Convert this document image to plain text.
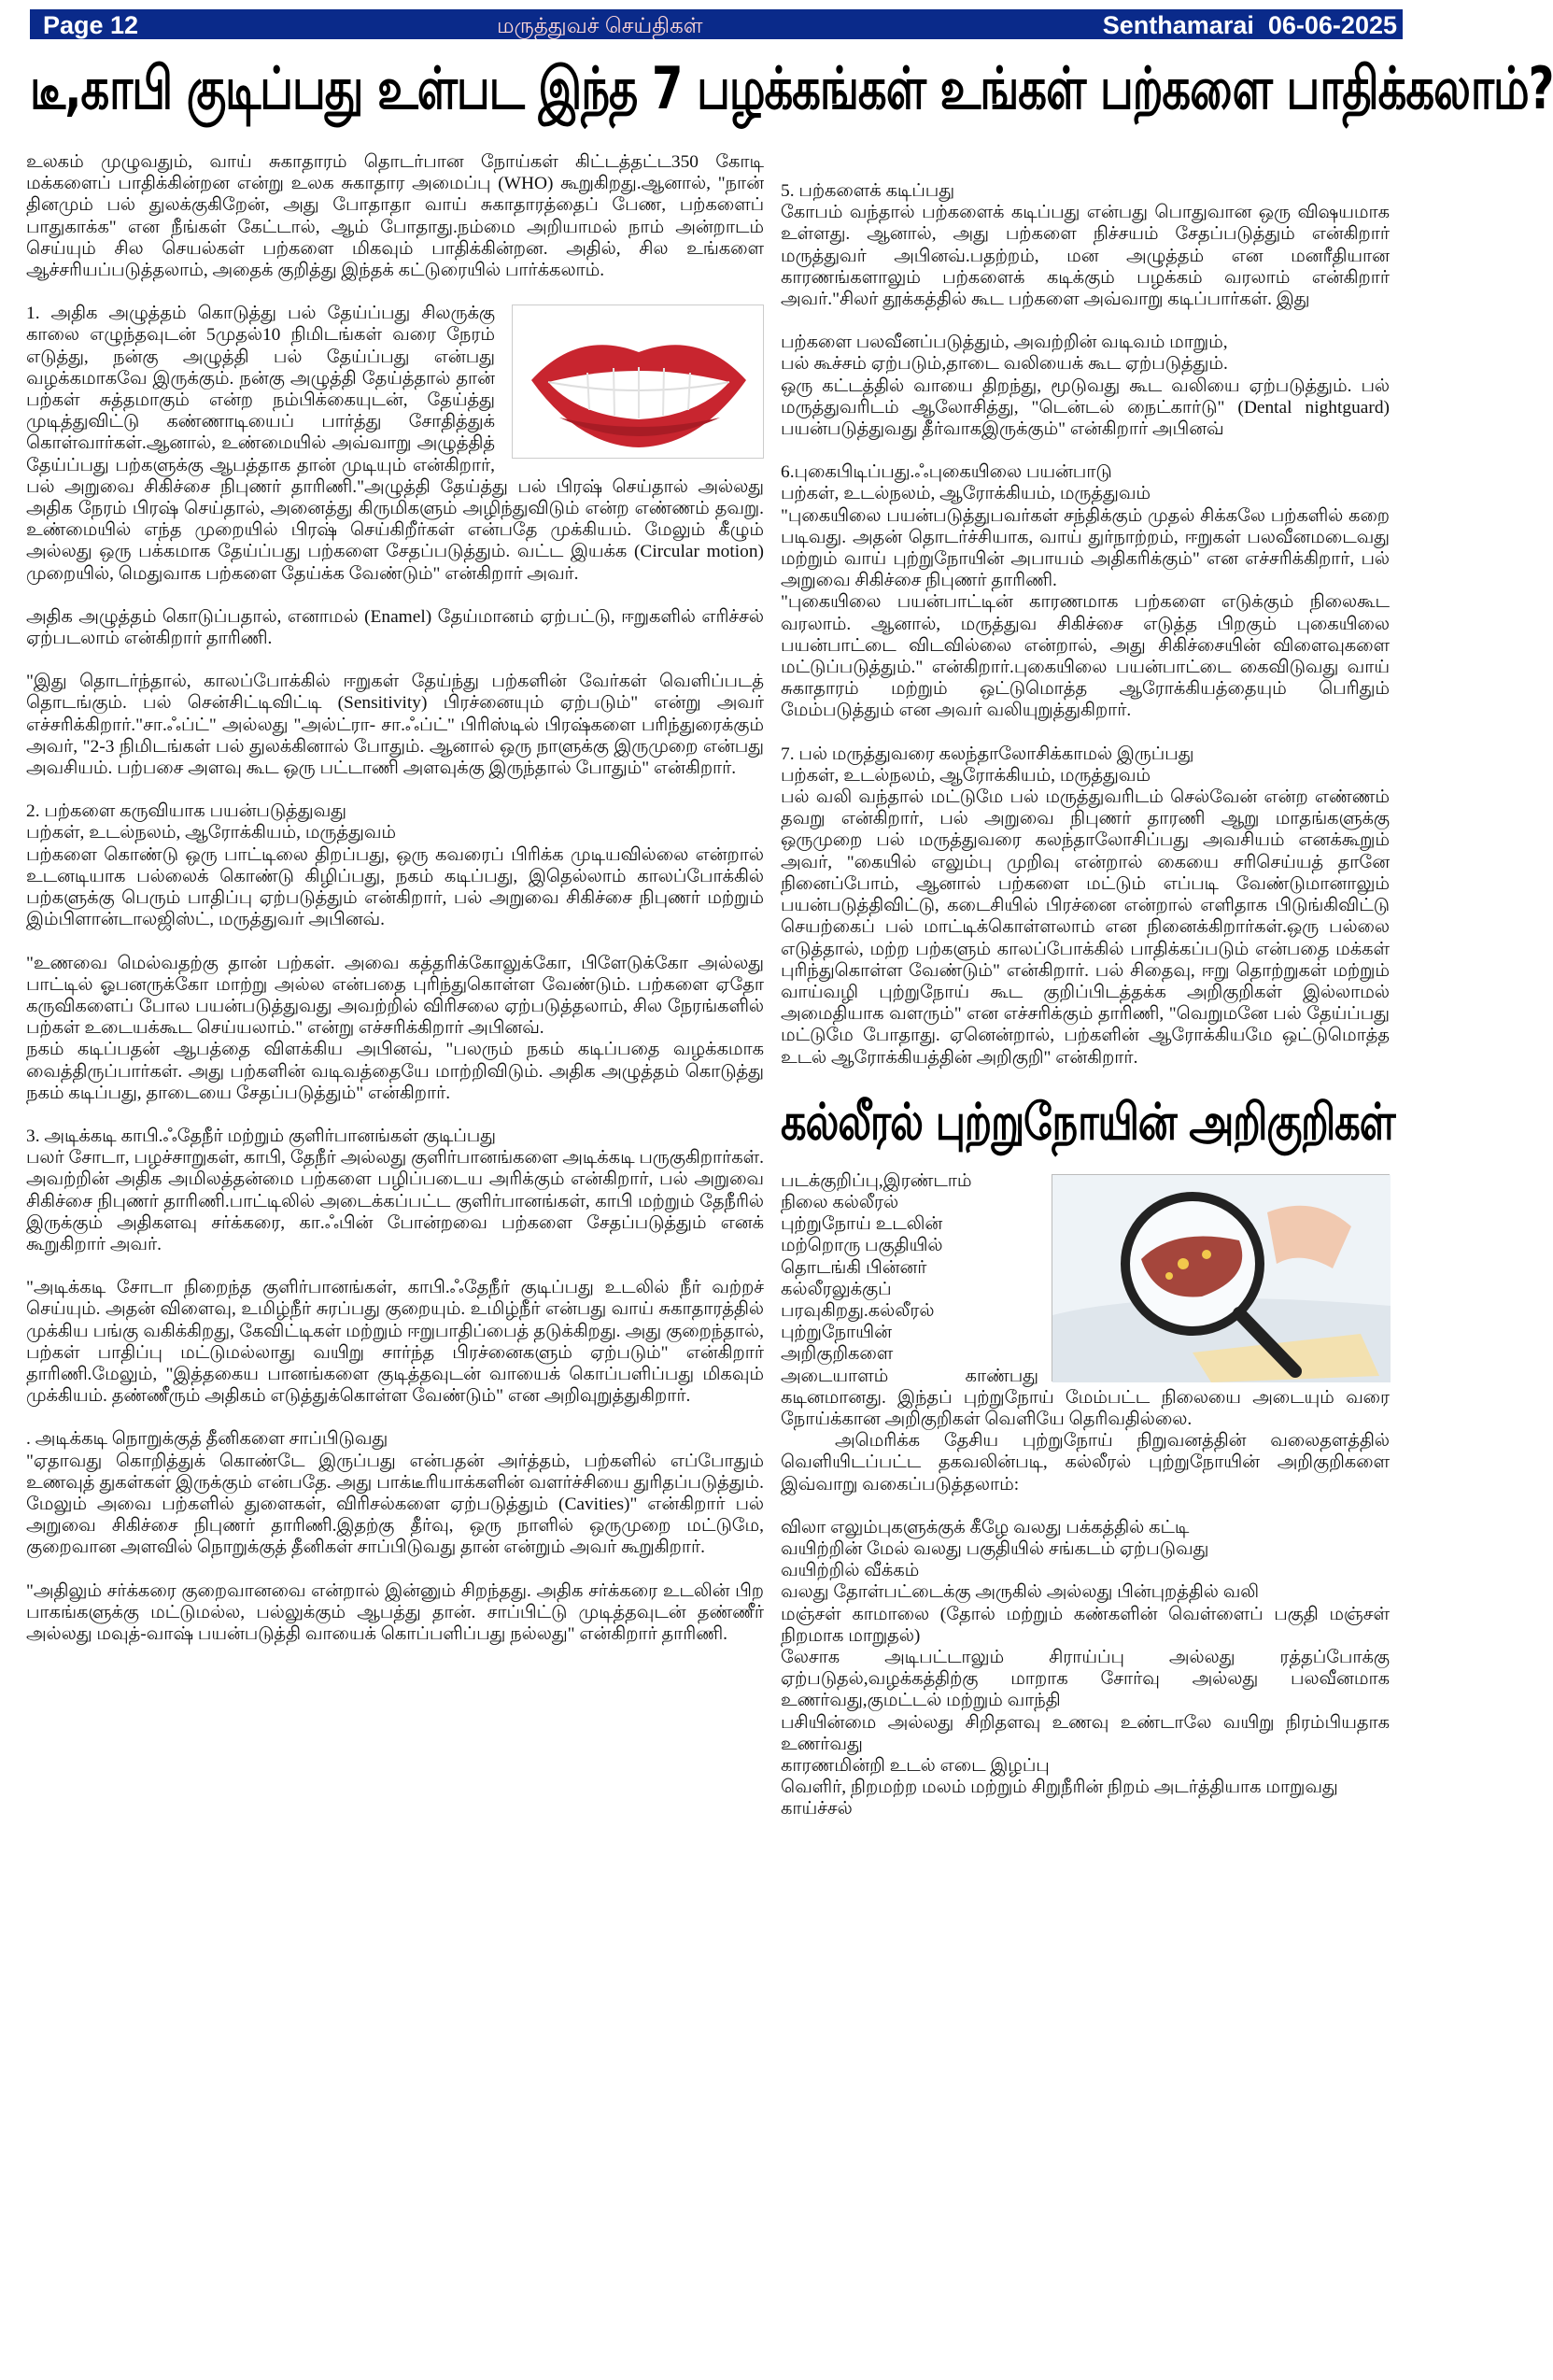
Page 12	மருத்துவச் செய்திகள்	Senthamarai 06-06-2025
டீ,காபி குடிப்பது உள்பட இந்த 7 பழக்கங்கள் உங்கள் பற்களை பாதிக்கலாம்?

உலகம் முழுவதும், வாய் சுகாதாரம் தொடர்பான நோய்கள் கிட்டத்தட்ட350 கோடி மக்களைப் பாதிக்கின்றன என்று உலக சுகாதார அமைப்பு (WHO) கூறுகிறது.ஆனால், "நான் தினமும் பல் துலக்குகிறேன், அது போதாதா வாய் சுகாதாரத்தைப் பேண, பற்களைப் பாதுகாக்க" என நீங்கள் கேட்டால், ஆம் போதாது.நம்மை அறியாமல் நாம் அன்றாடம் செய்யும் சில செயல்கள் பற்களை மிகவும் பாதிக்கின்றன. அதில், சில உங்களை ஆச்சரியப்படுத்தலாம், அதைக் குறித்து இந்தக் கட்டுரையில் பார்க்கலாம்.

1. அதிக அழுத்தம் கொடுத்து பல் தேய்ப்பது சிலருக்கு காலை எழுந்தவுடன் 5முதல்10 நிமிடங்கள் வரை நேரம் எடுத்து, நன்கு அழுத்தி பல் தேய்ப்பது என்பது வழக்கமாகவே இருக்கும். நன்கு அழுத்தி தேய்த்தால் தான் பற்கள் சுத்தமாகும் என்ற நம்பிக்கையுடன், தேய்த்து முடித்துவிட்டு கண்ணாடியைப் பார்த்து சோதித்துக் கொள்வார்கள்.ஆனால், உண்மையில் அவ்வாறு அழுத்தித் தேய்ப்பது பற்களுக்கு ஆபத்தாக தான் முடியும் என்கிறார், பல் அறுவை சிகிச்சை நிபுணர் தாரிணி."அழுத்தி தேய்த்து பல் பிரஷ் செய்தால் அல்லது அதிக நேரம் பிரஷ் செய்தால், அனைத்து கிருமிகளும் அழிந்துவிடும் என்ற எண்ணம் தவறு. உண்மையில் எந்த முறையில் பிரஷ் செய்கிறீர்கள் என்பதே முக்கியம். மேலும் கீழும் அல்லது ஒரு பக்கமாக தேய்ப்பது பற்களை சேதப்படுத்தும். வட்ட இயக்க (Circular motion) முறையில், மெதுவாக பற்களை தேய்க்க வேண்டும்" என்கிறார் அவர்.

அதிக அழுத்தம் கொடுப்பதால், எனாமல் (Enamel) தேய்மானம் ஏற்பட்டு, ஈறுகளில் எரிச்சல் ஏற்படலாம் என்கிறார் தாரிணி.

"இது தொடர்ந்தால், காலப்போக்கில் ஈறுகள் தேய்ந்து பற்களின் வேர்கள் வெளிப்படத் தொடங்கும். பல் சென்சிட்டிவிட்டி (Sensitivity) பிரச்னையும் ஏற்படும்" என்று அவர் எச்சரிக்கிறார்."சா.ஃப்ட்" அல்லது "அல்ட்ரா- சா.ஃப்ட்" பிரிஸ்டில் பிரஷ்களை பரிந்துரைக்கும் அவர், "2-3 நிமிடங்கள் பல் துலக்கினால் போதும். ஆனால் ஒரு நாளுக்கு இருமுறை என்பது அவசியம். பற்பசை அளவு கூட ஒரு பட்டாணி அளவுக்கு இருந்தால் போதும்" என்கிறார்.

2. பற்களை கருவியாக பயன்படுத்துவது
பற்கள், உடல்நலம், ஆரோக்கியம், மருத்துவம்
பற்களை கொண்டு ஒரு பாட்டிலை திறப்பது, ஒரு கவரைப் பிரிக்க முடியவில்லை என்றால் உடனடியாக பல்லைக் கொண்டு கிழிப்பது, நகம் கடிப்பது, இதெல்லாம் காலப்போக்கில் பற்களுக்கு பெரும் பாதிப்பு ஏற்படுத்தும் என்கிறார், பல் அறுவை சிகிச்சை நிபுணர் மற்றும் இம்பிளான்டாலஜிஸ்ட், மருத்துவர் அபினவ்.

"உணவை மெல்வதற்கு தான் பற்கள். அவை கத்தரிக்கோலுக்கோ, பிளேடுக்கோ அல்லது பாட்டில் ஓபனருக்கோ மாற்று அல்ல என்பதை புரிந்துகொள்ள வேண்டும். பற்களை ஏதோ கருவிகளைப் போல பயன்படுத்துவது அவற்றில் விரிசலை ஏற்படுத்தலாம், சில நேரங்களில் பற்கள் உடையக்கூட செய்யலாம்." என்று எச்சரிக்கிறார் அபினவ்.
நகம் கடிப்பதன் ஆபத்தை விளக்கிய அபினவ், "பலரும் நகம் கடிப்பதை வழக்கமாக வைத்திருப்பார்கள். அது பற்களின் வடிவத்தையே மாற்றிவிடும். அதிக அழுத்தம் கொடுத்து நகம் கடிப்பது, தாடையை சேதப்படுத்தும்" என்கிறார்.

3. அடிக்கடி காபி.ஃதேநீர் மற்றும் குளிர்பானங்கள் குடிப்பது
பலர் சோடா, பழச்சாறுகள், காபி, தேநீர் அல்லது குளிர்பானங்களை அடிக்கடி பருகுகிறார்கள். அவற்றின் அதிக அமிலத்தன்மை பற்களை பழிப்படைய அரிக்கும் என்கிறார், பல் அறுவை சிகிச்சை நிபுணர் தாரிணி.பாட்டிலில் அடைக்கப்பட்ட குளிர்பானங்கள், காபி மற்றும் தேநீரில் இருக்கும் அதிகளவு சர்க்கரை, கா.ஃபின் போன்றவை பற்களை சேதப்படுத்தும் எனக் கூறுகிறார் அவர்.

"அடிக்கடி சோடா நிறைந்த குளிர்பானங்கள், காபி.ஃதேநீர் குடிப்பது உடலில் நீர் வற்றச் செய்யும். அதன் விளைவு, உமிழ்நீர் சுரப்பது குறையும். உமிழ்நீர் என்பது வாய் சுகாதாரத்தில் முக்கிய பங்கு வகிக்கிறது, கேவிட்டிகள் மற்றும் ஈறுபாதிப்பைத் தடுக்கிறது. அது குறைந்தால், பற்கள் பாதிப்பு மட்டுமல்லாது வயிறு சார்ந்த பிரச்னைகளும் ஏற்படும்" என்கிறார் தாரிணி.மேலும், "இத்தகைய பானங்களை குடித்தவுடன் வாயைக் கொப்பளிப்பது மிகவும் முக்கியம். தண்ணீரும் அதிகம் எடுத்துக்கொள்ள வேண்டும்" என அறிவுறுத்துகிறார்.

. அடிக்கடி நொறுக்குத் தீனிகளை சாப்பிடுவது
"ஏதாவது கொறித்துக் கொண்டே இருப்பது என்பதன் அர்த்தம், பற்களில் எப்போதும் உணவுத் துகள்கள் இருக்கும் என்பதே. அது பாக்டீரியாக்களின் வளர்ச்சியை துரிதப்படுத்தும். மேலும் அவை பற்களில் துளைகள், விரிசல்களை ஏற்படுத்தும் (Cavities)" என்கிறார் பல் அறுவை சிகிச்சை நிபுணர் தாரிணி.இதற்கு தீர்வு, ஒரு நாளில் ஒருமுறை மட்டுமே, குறைவான அளவில் நொறுக்குத் தீனிகள் சாப்பிடுவது தான் என்றும் அவர் கூறுகிறார்.

"அதிலும் சர்க்கரை குறைவானவை என்றால் இன்னும் சிறந்தது. அதிக சர்க்கரை உடலின் பிற பாகங்களுக்கு மட்டுமல்ல, பல்லுக்கும் ஆபத்து தான். சாப்பிட்டு முடித்தவுடன் தண்ணீர் அல்லது மவுத்-வாஷ் பயன்படுத்தி வாயைக் கொப்பளிப்பது நல்லது" என்கிறார் தாரிணி.

5. பற்களைக் கடிப்பது
கோபம் வந்தால் பற்களைக் கடிப்பது என்பது பொதுவான ஒரு விஷயமாக உள்ளது. ஆனால், அது பற்களை நிச்சயம் சேதப்படுத்தும் என்கிறார் மருத்துவர் அபினவ்.பதற்றம், மன அழுத்தம் என மனரீதியான காரணங்களாலும் பற்களைக் கடிக்கும் பழக்கம் வரலாம் என்கிறார் அவர்."சிலர் தூக்கத்தில் கூட பற்களை அவ்வாறு கடிப்பார்கள். இது

பற்களை பலவீனப்படுத்தும், அவற்றின் வடிவம் மாறும்,
பல் கூச்சம் ஏற்படும்,தாடை வலியைக் கூட ஏற்படுத்தும்.
ஒரு கட்டத்தில் வாயை திறந்து, மூடுவது கூட வலியை ஏற்படுத்தும். பல் மருத்துவரிடம் ஆலோசித்து, "டென்டல் நைட்கார்டு" (Dental nightguard) பயன்படுத்துவது தீர்வாகஇருக்கும்" என்கிறார் அபினவ்

6.புகைபிடிப்பது.ஃபுகையிலை பயன்பாடு
பற்கள், உடல்நலம், ஆரோக்கியம், மருத்துவம்
"புகையிலை பயன்படுத்துபவர்கள் சந்திக்கும் முதல் சிக்கலே பற்களில் கறை படிவது. அதன் தொடர்ச்சியாக, வாய் துர்நாற்றம், ஈறுகள் பலவீனமடைவது மற்றும் வாய் புற்றுநோயின் அபாயம் அதிகரிக்கும்" என எச்சரிக்கிறார், பல் அறுவை சிகிச்சை நிபுணர் தாரிணி.
"புகையிலை பயன்பாட்டின் காரணமாக பற்களை எடுக்கும் நிலைகூட வரலாம். ஆனால், மருத்துவ சிகிச்சை எடுத்த பிறகும் புகையிலை பயன்பாட்டை விடவில்லை என்றால், அது சிகிச்சையின் விளைவுகளை மட்டுப்படுத்தும்." என்கிறார்.புகையிலை பயன்பாட்டை கைவிடுவது வாய் சுகாதாரம் மற்றும் ஒட்டுமொத்த ஆரோக்கியத்தையும் பெரிதும் மேம்படுத்தும் என அவர் வலியுறுத்துகிறார்.

7. பல் மருத்துவரை கலந்தாலோசிக்காமல் இருப்பது
பற்கள், உடல்நலம், ஆரோக்கியம், மருத்துவம்
பல் வலி வந்தால் மட்டுமே பல் மருத்துவரிடம் செல்வேன் என்ற எண்ணம் தவறு என்கிறார், பல் அறுவை நிபுணர் தாரணி ஆறு மாதங்களுக்கு ஒருமுறை பல் மருத்துவரை கலந்தாலோசிப்பது அவசியம் எனக்கூறும் அவர், "கையில் எலும்பு முறிவு என்றால் கையை சரிசெய்யத் தானே நினைப்போம், ஆனால் பற்களை மட்டும் எப்படி வேண்டுமானாலும் பயன்படுத்திவிட்டு, கடைசியில் பிரச்னை என்றால் எளிதாக பிடுங்கிவிட்டு செயற்கைப் பல் மாட்டிக்கொள்ளலாம் என நினைக்கிறார்கள்.ஒரு பல்லை எடுத்தால், மற்ற பற்களும் காலப்போக்கில் பாதிக்கப்படும் என்பதை மக்கள் புரிந்துகொள்ள வேண்டும்" என்கிறார். பல் சிதைவு, ஈறு தொற்றுகள் மற்றும் வாய்வழி புற்றுநோய் கூட குறிப்பிடத்தக்க அறிகுறிகள் இல்லாமல் அமைதியாக வளரும்" என எச்சரிக்கும் தாரிணி, "வெறுமனே பல் தேய்ப்பது மட்டுமே போதாது. ஏனென்றால், பற்களின் ஆரோக்கியமே ஒட்டுமொத்த உடல் ஆரோக்கியத்தின் அறிகுறி" என்கிறார்.

கல்லீரல் புற்றுநோயின் அறிகுறிகள்
படக்குறிப்பு,இரண்டாம்
நிலை கல்லீரல்
புற்றுநோய் உடலின்
மற்றொரு பகுதியில்
தொடங்கி பின்னர்
கல்லீரலுக்குப்
பரவுகிறது.கல்லீரல்
புற்றுநோயின்
அறிகுறிகளை

அடையாளம் காண்பது கடினமானது. இந்தப் புற்றுநோய் மேம்பட்ட நிலையை அடையும் வரை நோய்க்கான அறிகுறிகள் வெளியே தெரிவதில்லை.

அமெரிக்க தேசிய புற்றுநோய் நிறுவனத்தின் வலைதளத்தில் வெளியிடப்பட்ட தகவலின்படி, கல்லீரல் புற்றுநோயின் அறிகுறிகளை இவ்வாறு வகைப்படுத்தலாம்:

விலா எலும்புகளுக்குக் கீழே வலது பக்கத்தில் கட்டி
வயிற்றின் மேல் வலது பகுதியில் சங்கடம் ஏற்படுவது
வயிற்றில் வீக்கம்
வலது தோள்பட்டைக்கு அருகில் அல்லது பின்புறத்தில் வலி
மஞ்சள் காமாலை (தோல் மற்றும் கண்களின் வெள்ளைப் பகுதி மஞ்சள் நிறமாக மாறுதல்)
லேசாக அடிபட்டாலும் சிராய்ப்பு அல்லது ரத்தப்போக்கு ஏற்படுதல்,வழக்கத்திற்கு மாறாக சோர்வு அல்லது பலவீனமாக உணர்வது,குமட்டல் மற்றும் வாந்தி
பசியின்மை அல்லது சிறிதளவு உணவு உண்டாலே வயிறு நிரம்பியதாக உணர்வது
காரணமின்றி உடல் எடை இழப்பு
வெளிர், நிறமற்ற மலம் மற்றும் சிறுநீரின் நிறம் அடர்த்தியாக மாறுவது
காய்ச்சல்
